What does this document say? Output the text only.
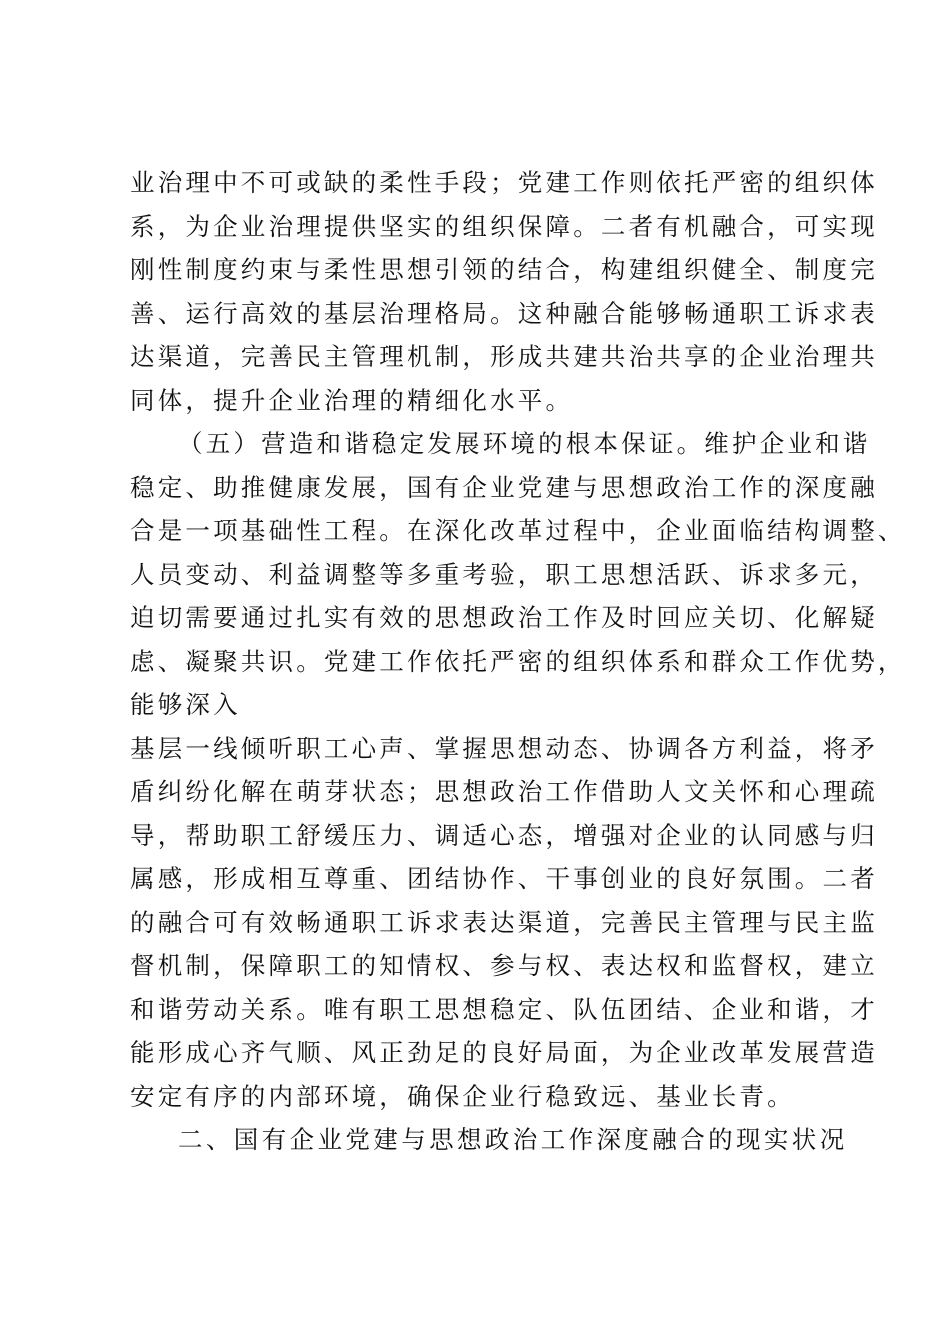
业治理中不可或缺的柔性手段；党建工作则依托严密的组织体

系，为企业治理提供坚实的组织保障。二者有机融合，可实现

刚性制度约束与柔性思想引领的结合，构建组织健全、制度完

善、运行高效的基层治理格局。这种融合能够畅通职工诉求表

达渠道，完善民主管理机制，形成共建共治共享的企业治理共

同体，提升企业治理的精细化水平。

（五）营造和谐稳定发展环境的根本保证。维护企业和谐

稳定、助推健康发展，国有企业党建与思想政治工作的深度融

合是一项基础性工程。在深化改革过程中，企业面临结构调整、

人员变动、利益调整等多重考验，职工思想活跃、诉求多元，

迫切需要通过扎实有效的思想政治工作及时回应关切、化解疑

虑、凝聚共识。党建工作依托严密的组织体系和群众工作优势，

能够深入

基层一线倾听职工心声、掌握思想动态、协调各方利益，将矛

盾纠纷化解在萌芽状态；思想政治工作借助人文关怀和心理疏

导，帮助职工舒缓压力、调适心态，增强对企业的认同感与归

属感，形成相互尊重、团结协作、干事创业的良好氛围。二者

的融合可有效畅通职工诉求表达渠道，完善民主管理与民主监

督机制，保障职工的知情权、参与权、表达权和监督权，建立

和谐劳动关系。唯有职工思想稳定、队伍团结、企业和谐，才

能形成心齐气顺、风正劲足的良好局面，为企业改革发展营造

安定有序的内部环境，确保企业行稳致远、基业长青。

二、国有企业党建与思想政治工作深度融合的现实状况
